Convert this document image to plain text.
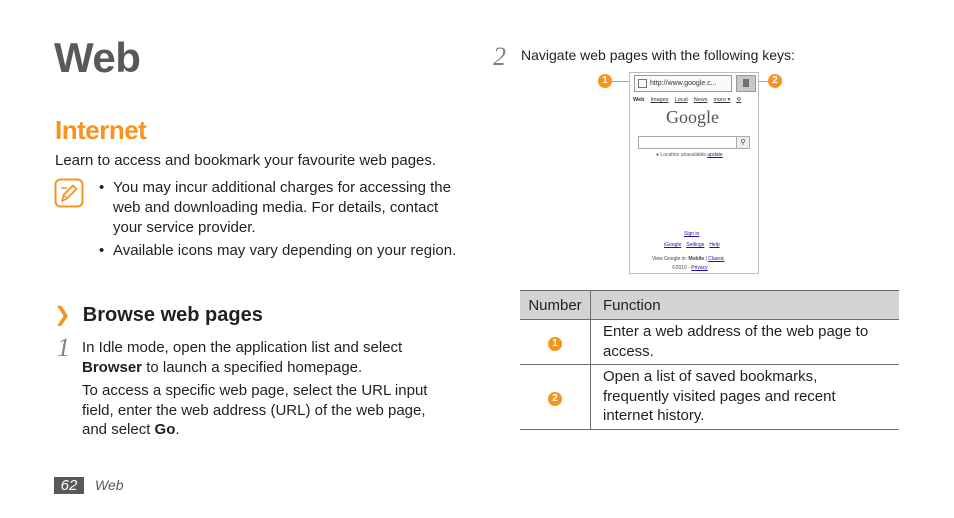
Web
Internet
Learn to access and bookmark your favourite web pages.
• You may incur additional charges for accessing the web and downloading media. For details, contact your service provider.
• Available icons may vary depending on your region.
❯ Browse web pages
1 In Idle mode, open the application list and select Browser to launch a specified homepage.

To access a specific web page, select the URL input field, enter the web address (URL) of the web page, and select Go.

62	Web
2 Navigate web pages with the following keys:
1	2
http://www.google.c...
Web Images Local News more ▾ ⚙
Google
⚲
● Location unavailable update
Sign in
iGoogle Settings Help
View Google in: Mobile | Classic
©2010 - Privacy
Number	Function
1	Enter a web address of the web page to access.
2	Open a list of saved bookmarks, frequently visited pages and recent internet history.
